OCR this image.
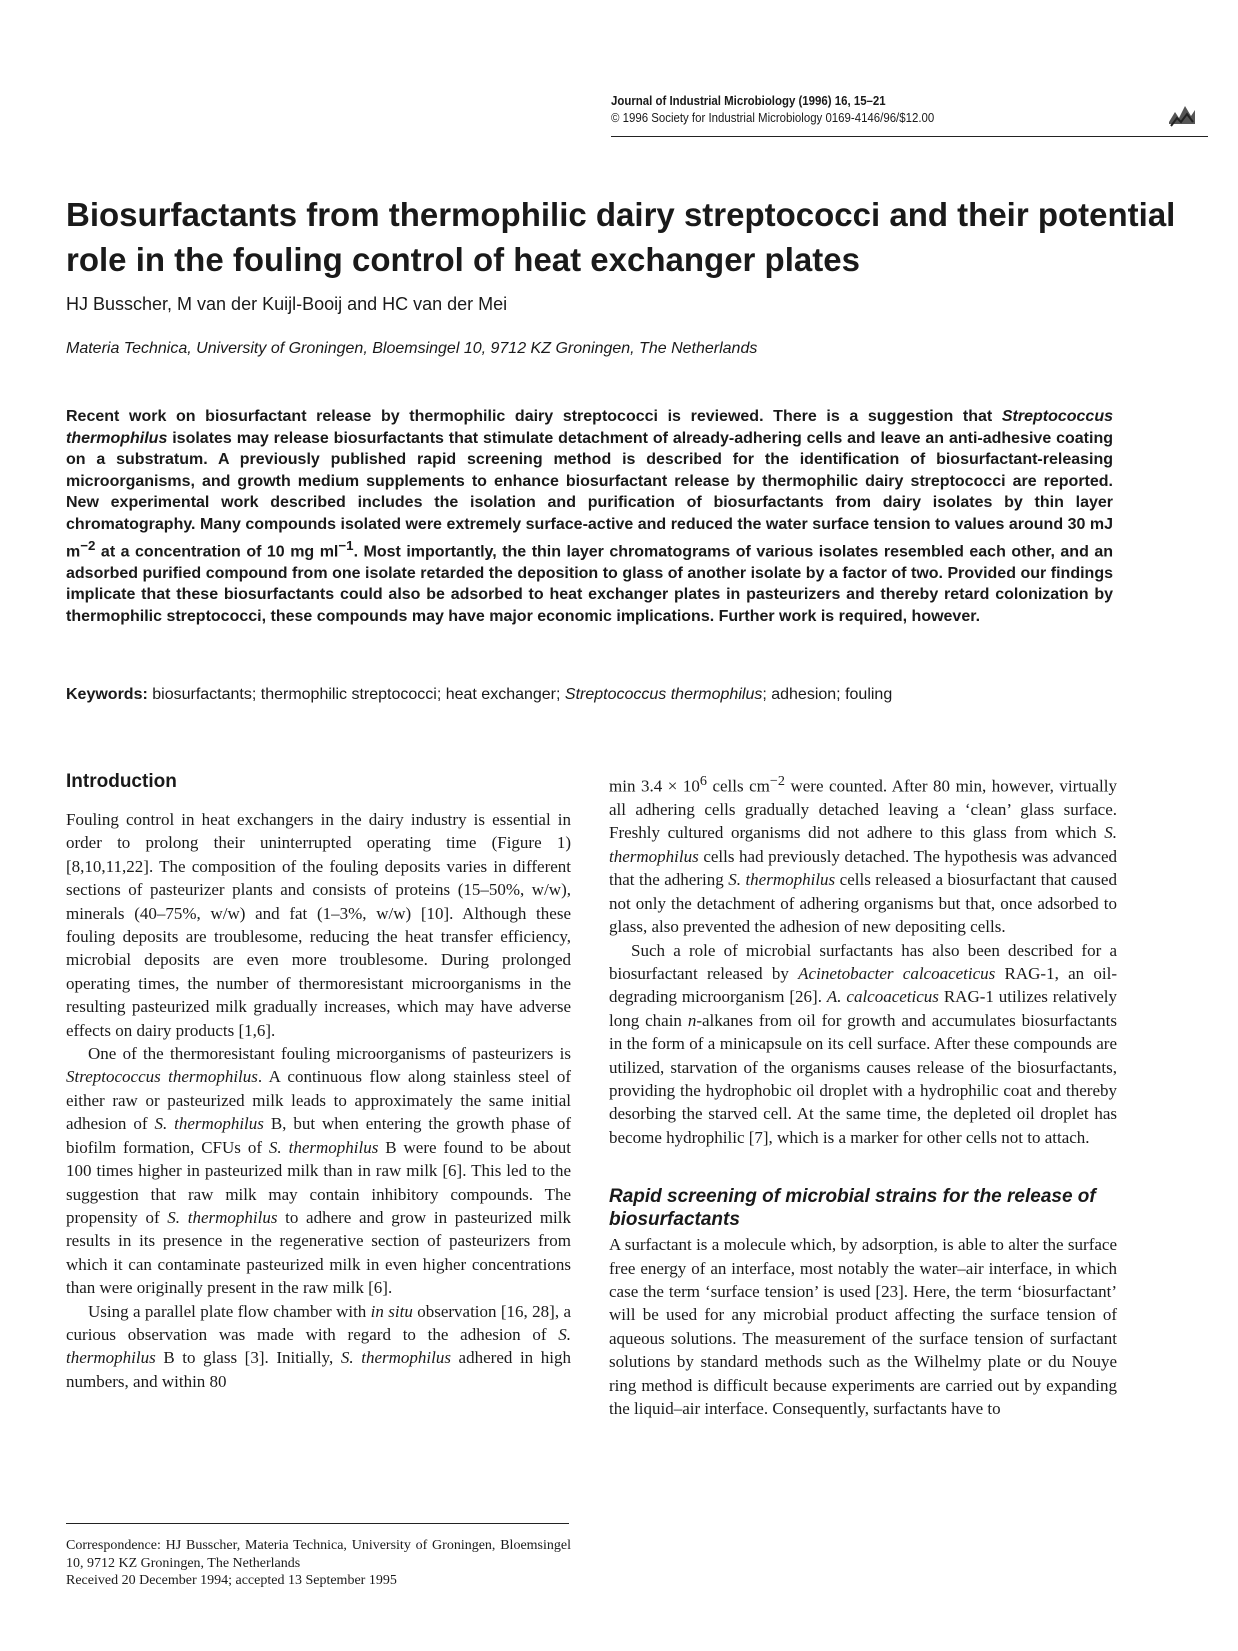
Journal of Industrial Microbiology (1996) 16, 15–21
© 1996 Society for Industrial Microbiology 0169-4146/96/$12.00
Biosurfactants from thermophilic dairy streptococci and their potential role in the fouling control of heat exchanger plates
HJ Busscher, M van der Kuijl-Booij and HC van der Mei
Materia Technica, University of Groningen, Bloemsingel 10, 9712 KZ Groningen, The Netherlands

Recent work on biosurfactant release by thermophilic dairy streptococci is reviewed. There is a suggestion that Streptococcus thermophilus isolates may release biosurfactants that stimulate detachment of already-adhering cells and leave an anti-adhesive coating on a substratum. A previously published rapid screening method is described for the identification of biosurfactant-releasing microorganisms, and growth medium supplements to enhance biosurfactant release by thermophilic dairy streptococci are reported. New experimental work described includes the isolation and purification of biosurfactants from dairy isolates by thin layer chromatography. Many compounds isolated were extremely surface-active and reduced the water surface tension to values around 30 mJ $m^{-2}$ at a concentration of 10 mg $ml^{-1}$. Most importantly, the thin layer chromatograms of various isolates resembled each other, and an adsorbed purified compound from one isolate retarded the deposition to glass of another isolate by a factor of two. Provided our findings implicate that these biosurfactants could also be adsorbed to heat exchanger plates in pasteurizers and thereby retard colonization by thermophilic streptococci, these compounds may have major economic implications. Further work is required, however.

Keywords: biosurfactants; thermophilic streptococci; heat exchanger; Streptococcus thermophilus; adhesion; fouling
Introduction

Fouling control in heat exchangers in the dairy industry is essential in order to prolong their uninterrupted operating time (Figure 1) [8,10,11,22]. The composition of the fouling deposits varies in different sections of pasteurizer plants and consists of proteins (15–50%, w/w), minerals (40–75%, w/w) and fat (1–3%, w/w) [10]. Although these fouling deposits are troublesome, reducing the heat transfer efficiency, microbial deposits are even more troublesome. During prolonged operating times, the number of thermoresistant microorganisms in the resulting pasteurized milk gradually increases, which may have adverse effects on dairy products [1,6].

One of the thermoresistant fouling microorganisms of pasteurizers is Streptococcus thermophilus. A continuous flow along stainless steel of either raw or pasteurized milk leads to approximately the same initial adhesion of S. thermophilus B, but when entering the growth phase of biofilm formation, CFUs of S. thermophilus B were found to be about 100 times higher in pasteurized milk than in raw milk [6]. This led to the suggestion that raw milk may contain inhibitory compounds. The propensity of S. thermophilus to adhere and grow in pasteurized milk results in its presence in the regenerative section of pasteurizers from which it can contaminate pasteurized milk in even higher concentrations than were originally present in the raw milk [6].

Using a parallel plate flow chamber with in situ observation [16, 28], a curious observation was made with regard to the adhesion of S. thermophilus B to glass [3]. Initially, S. thermophilus adhered in high numbers, and within 80

$\min 3.4 \times 10^6$ cells $cm^{-2}$ were counted. After 80 min, however, virtually all adhering cells gradually detached leaving a ‘clean’ glass surface. Freshly cultured organisms did not adhere to this glass from which S. thermophilus cells had previously detached. The hypothesis was advanced that the adhering S. thermophilus cells released a biosurfactant that caused not only the detachment of adhering organisms but that, once adsorbed to glass, also prevented the adhesion of new depositing cells.

Such a role of microbial surfactants has also been described for a biosurfactant released by Acinetobacter calcoaceticus RAG-1, an oil-degrading microorganism [26]. A. calcoaceticus RAG-1 utilizes relatively long chain n-alkanes from oil for growth and accumulates biosurfactants in the form of a minicapsule on its cell surface. After these compounds are utilized, starvation of the organisms causes release of the biosurfactants, providing the hydrophobic oil droplet with a hydrophilic coat and thereby desorbing the starved cell. At the same time, the depleted oil droplet has become hydrophilic [7], which is a marker for other cells not to attach.

Rapid screening of microbial strains for the release of biosurfactants

A surfactant is a molecule which, by adsorption, is able to alter the surface free energy of an interface, most notably the water–air interface, in which case the term ‘surface tension’ is used [23]. Here, the term ‘biosurfactant’ will be used for any microbial product affecting the surface tension of aqueous solutions. The measurement of the surface tension of surfactant solutions by standard methods such as the Wilhelmy plate or du Nouye ring method is difficult because experiments are carried out by expanding the liquid–air interface. Consequently, surfactants have to

Correspondence: HJ Busscher, Materia Technica, University of Groningen, Bloemsingel 10, 9712 KZ Groningen, The Netherlands

Received 20 December 1994; accepted 13 September 1995
